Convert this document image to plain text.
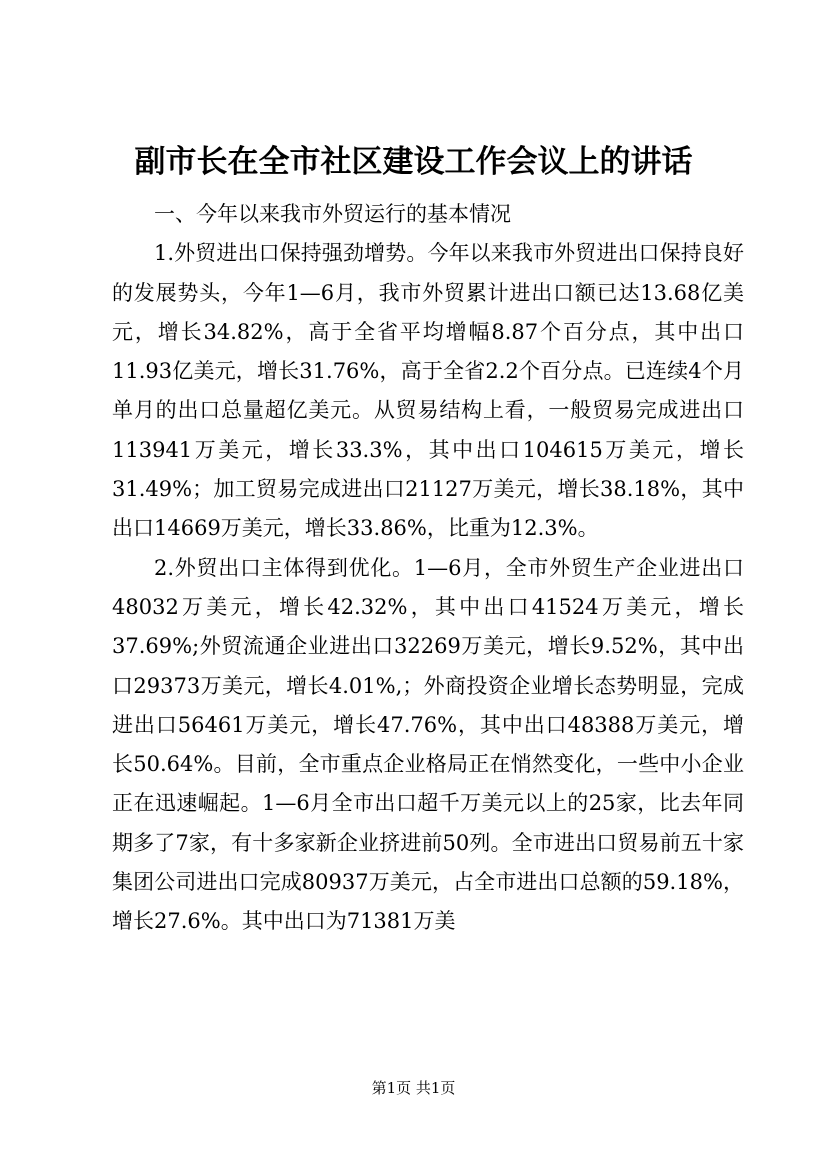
副市长在全市社区建设工作会议上的讲话

一、今年以来我市外贸运行的基本情况

1.外贸进出口保持强劲增势。今年以来我市外贸进出口保持良好的发展势头，今年1—6月，我市外贸累计进出口额已达13.68亿美元，增长34.82%，高于全省平均增幅8.87个百分点，其中出口11.93亿美元，增长31.76%，高于全省2.2个百分点。已连续4个月单月的出口总量超亿美元。从贸易结构上看，一般贸易完成进出口113941万美元，增长33.3%，其中出口104615万美元，增长31.49%；加工贸易完成进出口21127万美元，增长38.18%，其中出口14669万美元，增长33.86%，比重为12.3%。

2.外贸出口主体得到优化。1—6月，全市外贸生产企业进出口48032万美元，增长42.32%，其中出口41524万美元，增长37.69%;外贸流通企业进出口32269万美元，增长9.52%，其中出口29373万美元，增长4.01%,；外商投资企业增长态势明显，完成进出口56461万美元，增长47.76%，其中出口48388万美元，增长50.64%。目前，全市重点企业格局正在悄然变化，一些中小企业正在迅速崛起。1—6月全市出口超千万美元以上的25家，比去年同期多了7家，有十多家新企业挤进前50列。全市进出口贸易前五十家集团公司进出口完成80937万美元，占全市进出口总额的59.18%，增长27.6%。其中出口为71381万美

第1页 共1页
